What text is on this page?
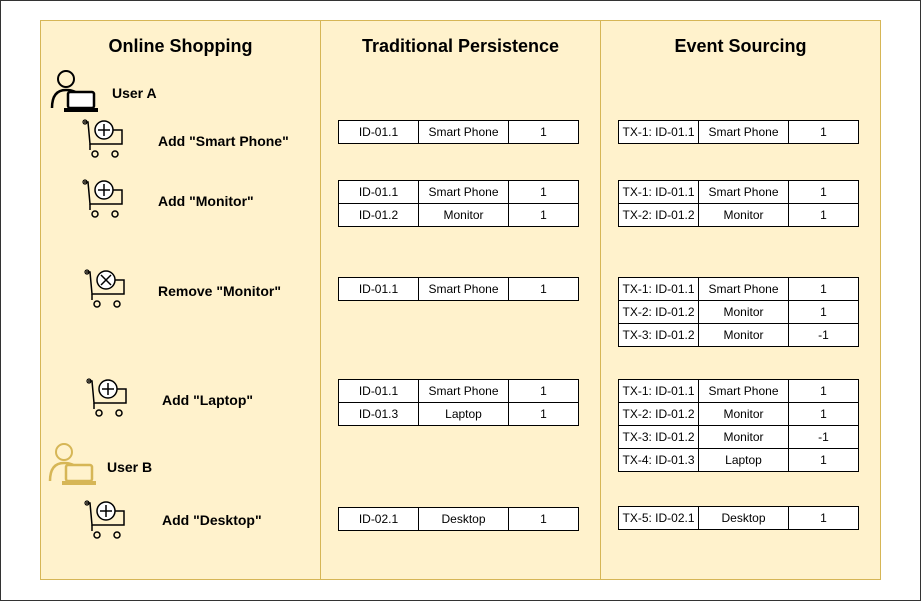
Online Shopping	Traditional Persistence	Event Sourcing
User A
User B
Add "Smart Phone"
Add "Monitor"
Remove "Monitor"
Add "Laptop"
Add "Desktop"
ID-01.1	Smart Phone	1
ID-01.1	Smart Phone	1
ID-01.2	Monitor	1
ID-01.1	Smart Phone	1
ID-01.1	Smart Phone	1
ID-01.3	Laptop	1
ID-02.1	Desktop	1
TX-1: ID-01.1	Smart Phone	1
TX-1: ID-01.1	Smart Phone	1
TX-2: ID-01.2	Monitor	1
TX-1: ID-01.1	Smart Phone	1
TX-2: ID-01.2	Monitor	1
TX-3: ID-01.2	Monitor	-1
TX-1: ID-01.1	Smart Phone	1
TX-2: ID-01.2	Monitor	1
TX-3: ID-01.2	Monitor	-1
TX-4: ID-01.3	Laptop	1
TX-5: ID-02.1	Desktop	1
